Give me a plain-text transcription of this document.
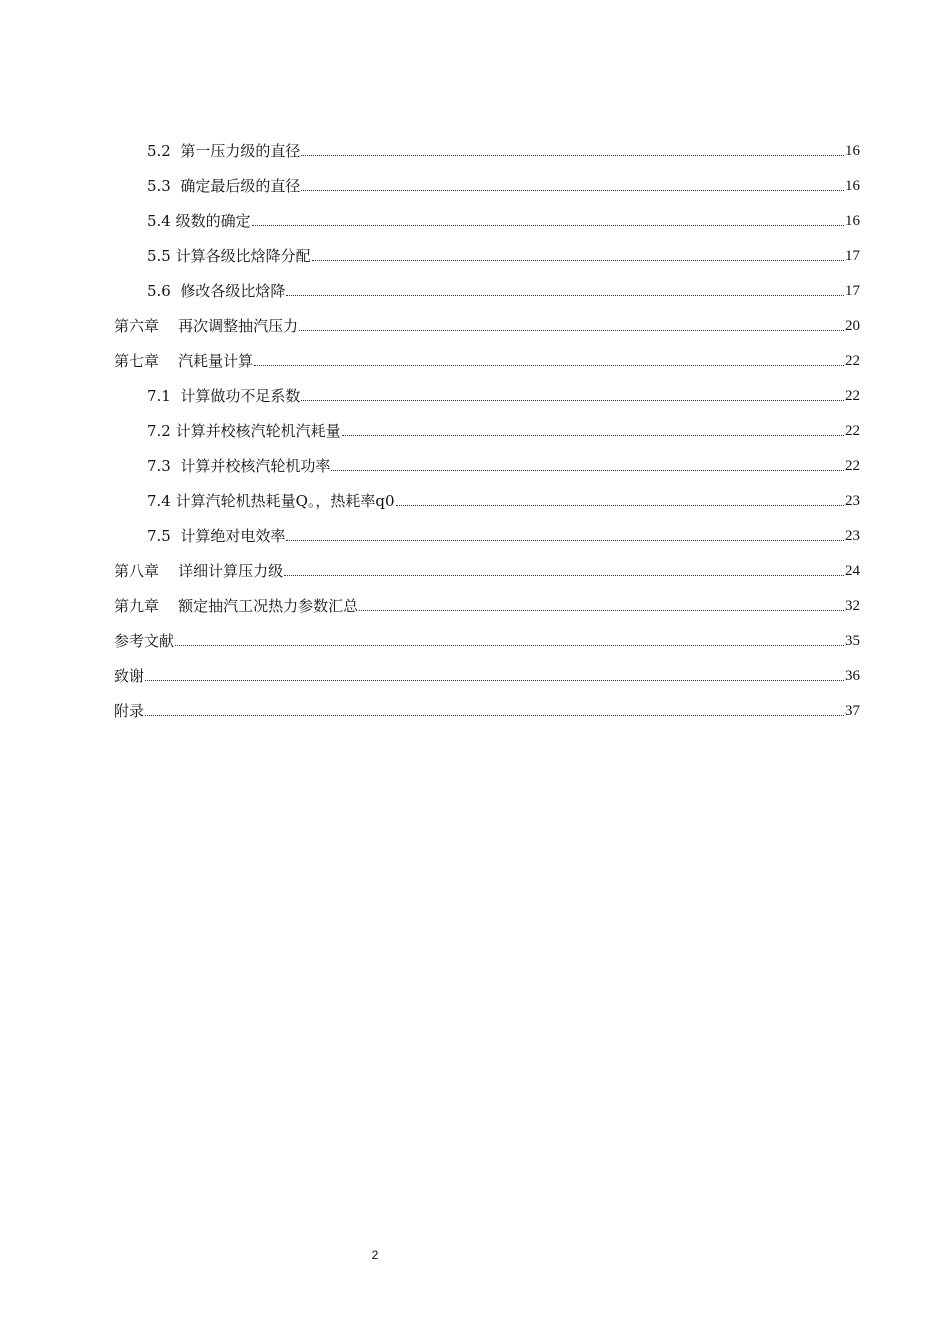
5.2  第一压力级的直径	16
5.3  确定最后级的直径	16
5.4 级数的确定	16
5.5 计算各级比焓降分配	17
5.6  修改各级比焓降	17
第六章    再次调整抽汽压力	20
第七章    汽耗量计算	22
7.1  计算做功不足系数	22
7.2 计算并校核汽轮机汽耗量	22
7.3  计算并校核汽轮机功率	22
7.4 计算汽轮机热耗量Q。，热耗率q0	23
7.5  计算绝对电效率	23
第八章    详细计算压力级	24
第九章    额定抽汽工况热力参数汇总	32
参考文献	35
致谢	36
附录	37
2
